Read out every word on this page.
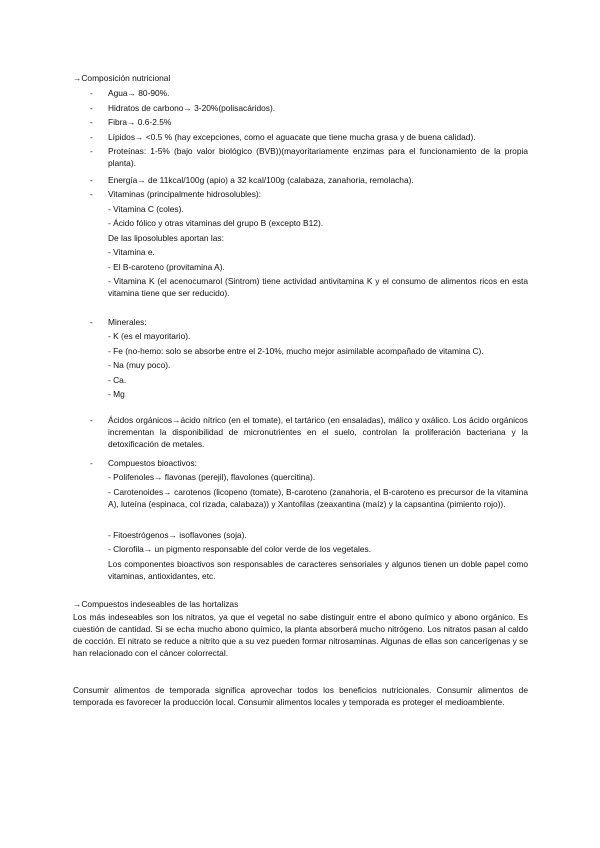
→Composición nutricional
-	Agua→ 80-90%.
-	Hidratos de carbono→ 3-20%(polisacáridos).
-	Fibra→ 0.6-2.5%
-	Lípidos→ <0.5 % (hay excepciones, como el aguacate que tiene mucha grasa y de buena calidad).
-	Proteínas: 1-5% (bajo valor biológico (BVB))(mayoritariamente enzimas para el funcionamiento de la propia planta).
-	Energía→ de 11kcal/100g (apio) a 32 kcal/100g (calabaza, zanahoria, remolacha).
-	Vitaminas (principalmente hidrosolubles):
- Vitamina C (coles).
- Ácido fólico y otras vitaminas del grupo B (excepto B12).
De las liposolubles aportan las:
- Vitamina e.
- El B-caroteno (provitamina A).
- Vitamina K (el acenocumarol (Sintrom) tiene actividad antivitamina K y el consumo de alimentos ricos en esta vitamina tiene que ser reducido).
-	Minerales:
- K (es el mayoritario).
- Fe (no-hemo: solo se absorbe entre el 2-10%, mucho mejor asimilable acompañado de vitamina C).
- Na (muy poco).
- Ca.
- Mg
-	Ácidos orgánicos→ácido nítrico (en el tomate), el tartárico (en ensaladas), málico y oxálico. Los ácido orgánicos incrementan la disponibilidad de micronutrientes en el suelo, controlan la proliferación bacteriana y la detoxificación de metales.
-	Compuestos bioactivos:
- Polifenoles→ flavonas (perejil), flavolones (quercitina).
- Carotenoides→ carotenos (licopeno (tomate), B-caroteno (zanahoria, el B-caroteno es precursor de la vitamina A), luteína (espinaca, col rizada, calabaza)) y Xantofilas (zeaxantina (maíz) y la capsantina (pimiento rojo)).
- Fitoestrógenos→ isoflavones (soja).
- Clorofila→ un pigmento responsable del color verde de los vegetales.
Los componentes bioactivos son responsables de caracteres sensoriales y algunos tienen un doble papel como vitaminas, antioxidantes, etc.
→Compuestos indeseables de las hortalizas
Los más indeseables son los nitratos, ya que el vegetal no sabe distinguir entre el abono químico y abono orgánico. Es cuestión de cantidad. Si se echa mucho abono químico, la planta absorberá mucho nitrógeno. Los nitratos pasan al caldo de cocción. El nitrato se reduce a nitrito que a su vez pueden formar nitrosaminas. Algunas de ellas son cancerígenas y se han relacionado con el cáncer colorrectal.
Consumir alimentos de temporada significa aprovechar todos los beneficios nutricionales. Consumir alimentos de temporada es favorecer la producción local. Consumir alimentos locales y temporada es proteger el medioambiente.
